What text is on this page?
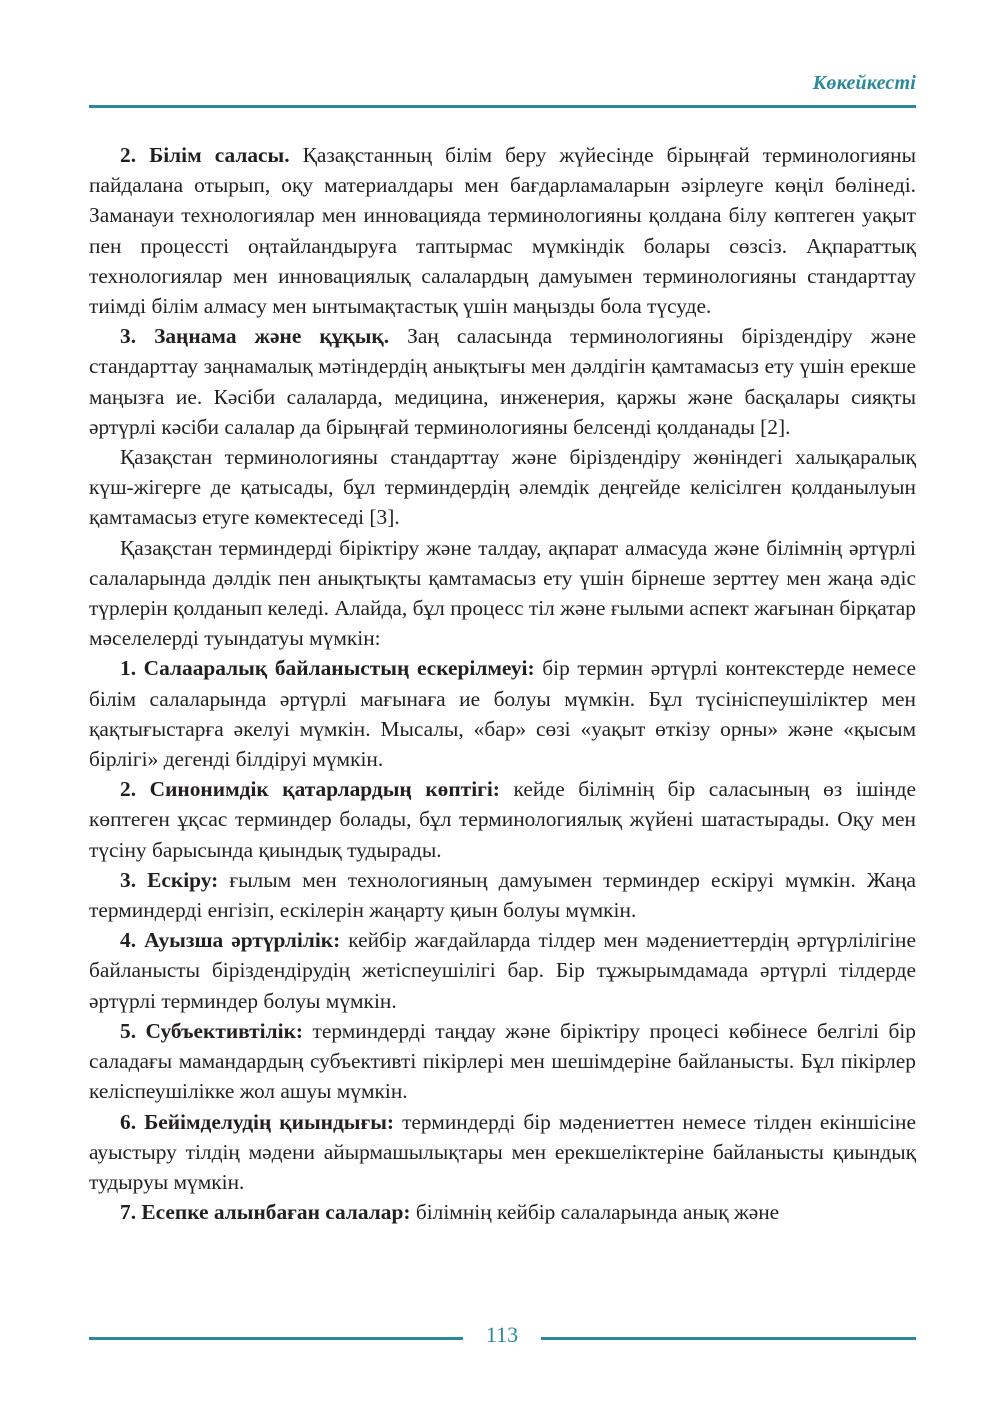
Көкейкесті

2. Білім саласы. Қазақстанның білім беру жүйесінде бірыңғай терминологияны пайдалана отырып, оқу материалдары мен бағдарламаларын әзірлеуге көңіл бөлінеді. Заманауи технологиялар мен инновацияда терминологияны қолдана білу көптеген уақыт пен процессті оңтайландыруға таптырмас мүмкіндік болары сөзсіз. Ақпараттық технологиялар мен инновациялық салалардың дамуымен терминологияны стандарттау тиімді білім алмасу мен ынтымақтастық үшін маңызды бола түсуде.

3. Заңнама және құқық. Заң саласында терминологияны біріздендіру және стандарттау заңнамалық мәтіндердің анықтығы мен дәлдігін қамтамасыз ету үшін ерекше маңызға ие. Кәсіби салаларда, медицина, инженерия, қаржы және басқалары сияқты әртүрлі кәсіби салалар да бірыңғай терминологияны белсенді қолданады [2].

Қазақстан терминологияны стандарттау және біріздендіру жөніндегі халықаралық күш-жігерге де қатысады, бұл терминдердің әлемдік деңгейде келісілген қолданылуын қамтамасыз етуге көмектеседі [3].

Қазақстан терминдерді біріктіру және талдау, ақпарат алмасуда және білімнің әртүрлі салаларында дәлдік пен анықтықты қамтамасыз ету үшін бірнеше зерттеу мен жаңа әдіс түрлерін қолданып келеді. Алайда, бұл процесс тіл және ғылыми аспект жағынан бірқатар мәселелерді туындатуы мүмкін:

1. Салааралық байланыстың ескерілмеуі: бір термин әртүрлі контекстерде немесе білім салаларында әртүрлі мағынаға ие болуы мүмкін. Бұл түсініспеушіліктер мен қақтығыстарға әкелуі мүмкін. Мысалы, «бар» сөзі «уақыт өткізу орны» және «қысым бірлігі» дегенді білдіруі мүмкін.

2. Синонимдік қатарлардың көптігі: кейде білімнің бір саласының өз ішінде көптеген ұқсас терминдер болады, бұл терминологиялық жүйені шатастырады. Оқу мен түсіну барысында қиындық тудырады.

3. Ескіру: ғылым мен технологияның дамуымен терминдер ескіруі мүмкін. Жаңа терминдерді енгізіп, ескілерін жаңарту қиын болуы мүмкін.

4. Ауызша әртүрлілік: кейбір жағдайларда тілдер мен мәдениеттердің әртүрлілігіне байланысты біріздендірудің жетіспеушілігі бар. Бір тұжырымдамада әртүрлі тілдерде әртүрлі терминдер болуы мүмкін.

5. Субъективтілік: терминдерді таңдау және біріктіру процесі көбінесе белгілі бір саладағы мамандардың субъективті пікірлері мен шешімдеріне байланысты. Бұл пікірлер келіспеушілікке жол ашуы мүмкін.

6. Бейімделудің қиындығы: терминдерді бір мәдениеттен немесе тілден екіншісіне ауыстыру тілдің мәдени айырмашылықтары мен ерекшеліктеріне байланысты қиындық тудыруы мүмкін.

7. Есепке алынбаған салалар: білімнің кейбір салаларында анық және

113
